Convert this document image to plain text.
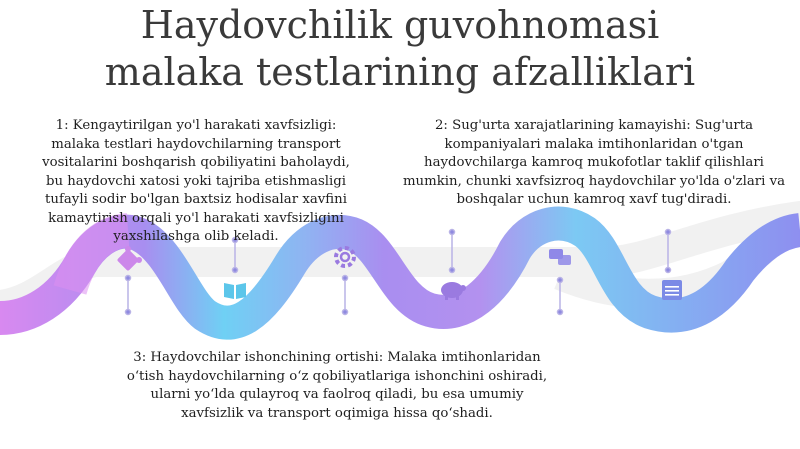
Haydovchilik guvohnomasi
malaka testlarining afzalliklari

1: Kengaytirilgan yo'l harakati xavfsizligi: malaka testlari haydovchilarning transport vositalarini boshqarish qobiliyatini baholaydi, bu haydovchi xatosi yoki tajriba etishmasligi tufayli sodir bo'lgan baxtsiz hodisalar xavfini kamaytirish orqali yo'l harakati xavfsizligini yaxshilashga olib keladi.

2: Sug'urta xarajatlarining kamayishi: Sug'urta kompaniyalari malaka imtihonlaridan o'tgan haydovchilarga kamroq mukofotlar taklif qilishlari mumkin, chunki xavfsizroq haydovchilar yo'lda o'zlari va boshqalar uchun kamroq xavf tug'diradi.

3: Haydovchilar ishonchining ortishi: Malaka imtihonlaridan o‘tish haydovchilarning o‘z qobiliyatlariga ishonchini oshiradi, ularni yo‘lda qulayroq va faolroq qiladi, bu esa umumiy xavfsizlik va transport oqimiga hissa qo‘shadi.
